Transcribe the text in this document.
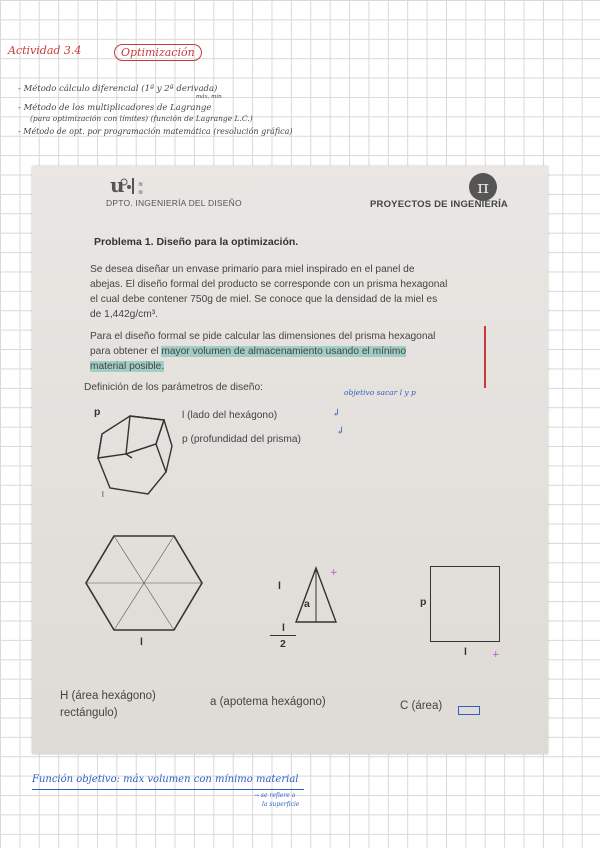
Actividad 3.4	Optimización
- Método cálculo diferencial (1ª y 2ª derivada)
máx, mín
- Método de los multiplicadores de Lagrange
(para optimización con límites) (función de Lagrange L.C.)
- Método de opt. por programación matemática (resolución gráfica)
u ≋
≋	π
DPTO. INGENIERÍA DEL DISEÑO	PROYECTOS DE INGENIERÍA
Problema 1. Diseño para la optimización.
Se desea diseñar un envase primario para miel inspirado en el panel de
abejas. El diseño formal del producto se corresponde con un prisma hexagonal
el cual debe contener 750g de miel. Se conoce que la densidad de la miel es
de 1,442g/cm³.
Para el diseño formal se pide calcular las dimensiones del prisma hexagonal
para obtener el mayor volumen de almacenamiento usando el mínimo
material posible.
Definición de los parámetros de diseño:
l (lado del hexágono)
p (profundidad del prisma)
p
l
l
l
a
l
2
p
l
H (área hexágono)
rectángulo)
a (apotema hexágono)	C (área)
objetivo sacar l y p
↲
↲
+
+
Función objetivo: máx volumen con mínimo material
→ se refiere a
la superficie
